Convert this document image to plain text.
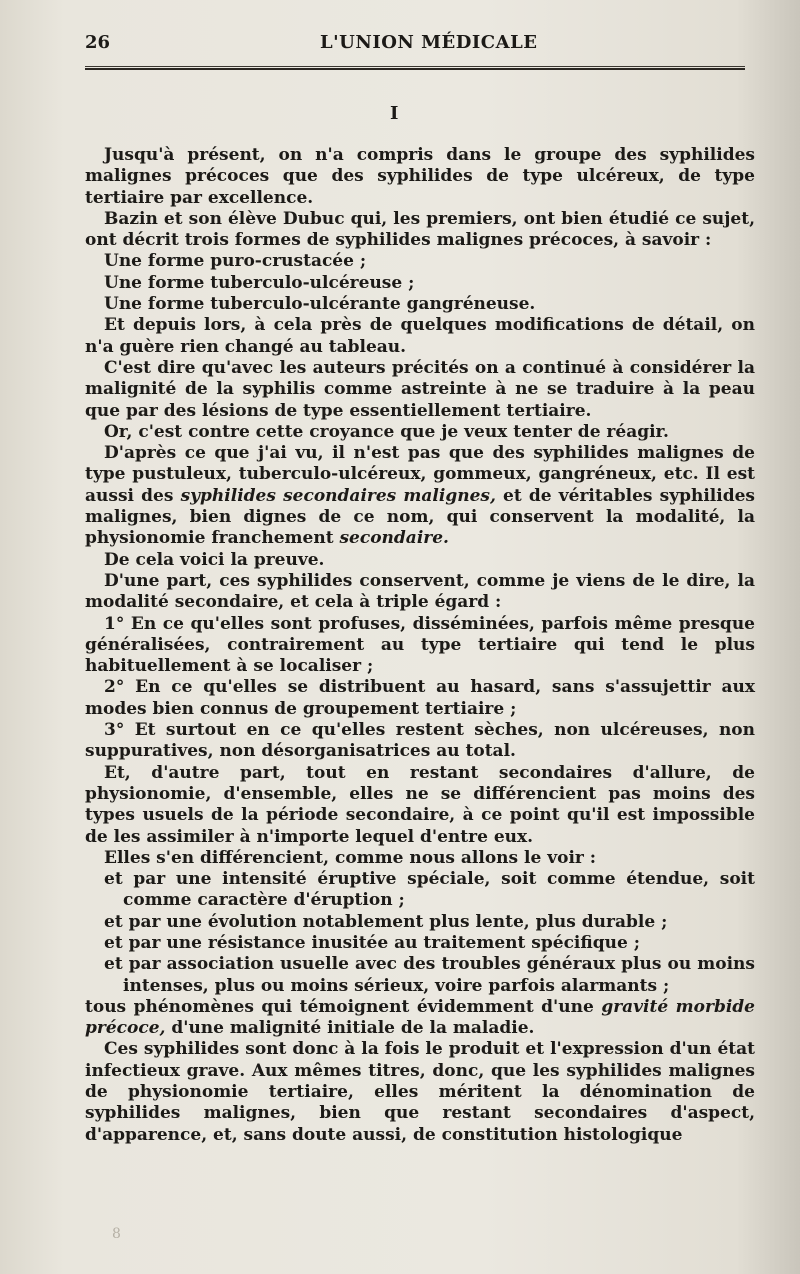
26	L'UNION MÉDICALE
I

Jusqu'à présent, on n'a compris dans le groupe des syphilides malignes précoces que des syphilides de type ulcéreux, de type tertiaire par excellence.

Bazin et son élève Dubuc qui, les premiers, ont bien étudié ce sujet, ont décrit trois formes de syphilides malignes précoces, à savoir :

Une forme puro-crustacée ;

Une forme tuberculo-ulcéreuse ;

Une forme tuberculo-ulcérante gangréneuse.

Et depuis lors, à cela près de quelques modifications de détail, on n'a guère rien changé au tableau.

C'est dire qu'avec les auteurs précités on a continué à considérer la malignité de la syphilis comme astreinte à ne se traduire à la peau que par des lésions de type essentiellement tertiaire.

Or, c'est contre cette croyance que je veux tenter de réagir.

D'après ce que j'ai vu, il n'est pas que des syphilides malignes de type pustuleux, tuberculo-ulcéreux, gommeux, gangréneux, etc. Il est aussi des syphilides secondaires malignes, et de véritables syphilides malignes, bien dignes de ce nom, qui conservent la modalité, la physionomie franchement secondaire.

De cela voici la preuve.

D'une part, ces syphilides conservent, comme je viens de le dire, la modalité secondaire, et cela à triple égard :

1° En ce qu'elles sont profuses, disséminées, parfois même presque généralisées, contrairement au type tertiaire qui tend le plus habituellement à se localiser ;

2° En ce qu'elles se distribuent au hasard, sans s'assujettir aux modes bien connus de groupement tertiaire ;

3° Et surtout en ce qu'elles restent sèches, non ulcéreuses, non suppuratives, non désorganisatrices au total.

Et, d'autre part, tout en restant secondaires d'allure, de physionomie, d'ensemble, elles ne se différencient pas moins des types usuels de la période secondaire, à ce point qu'il est impossible de les assimiler à n'importe lequel d'entre eux.

Elles s'en différencient, comme nous allons le voir :

et par une intensité éruptive spéciale, soit comme étendue, soit comme caractère d'éruption ;

et par une évolution notablement plus lente, plus durable ;

et par une résistance inusitée au traitement spécifique ;

et par association usuelle avec des troubles généraux plus ou moins intenses, plus ou moins sérieux, voire parfois alarmants ;

tous phénomènes qui témoignent évidemment d'une gravité morbide précoce, d'une malignité initiale de la maladie.

Ces syphilides sont donc à la fois le produit et l'expression d'un état infectieux grave. Aux mêmes titres, donc, que les syphilides malignes de physionomie tertiaire, elles méritent la dénomination de syphilides malignes, bien que restant secondaires d'aspect, d'apparence, et, sans doute aussi, de constitution histologique

8
